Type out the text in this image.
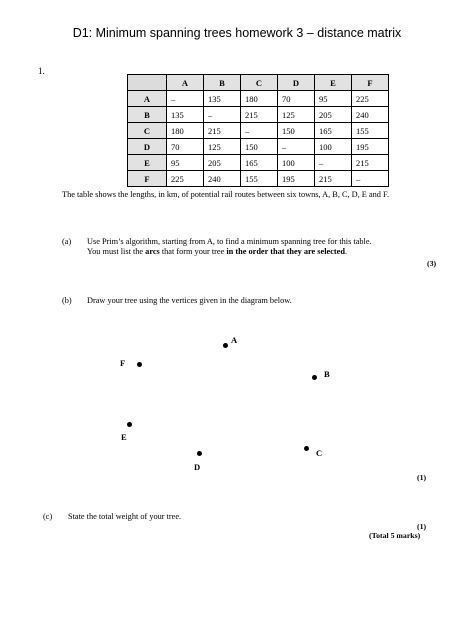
D1: Minimum spanning trees homework 3 – distance matrix
1.
	A	B	C	D	E	F
A	–	135	180	70	95	225
B	135	–	215	125	205	240
C	180	215	–	150	165	155
D	70	125	150	–	100	195
E	95	205	165	100	–	215
F	225	240	155	195	215	–
The table shows the lengths, in km, of potential rail routes between six towns, A, B, C, D, E and F.
(a) Use Prim’s algorithm, starting from A, to find a minimum spanning tree for this table.
You must list the arcs that form your tree in the order that they are selected.
(3)
(b) Draw your tree using the vertices given in the diagram below.
A
B
C
D
E
F
(1)
(c) State the total weight of your tree.
(1)
(Total 5 marks)
